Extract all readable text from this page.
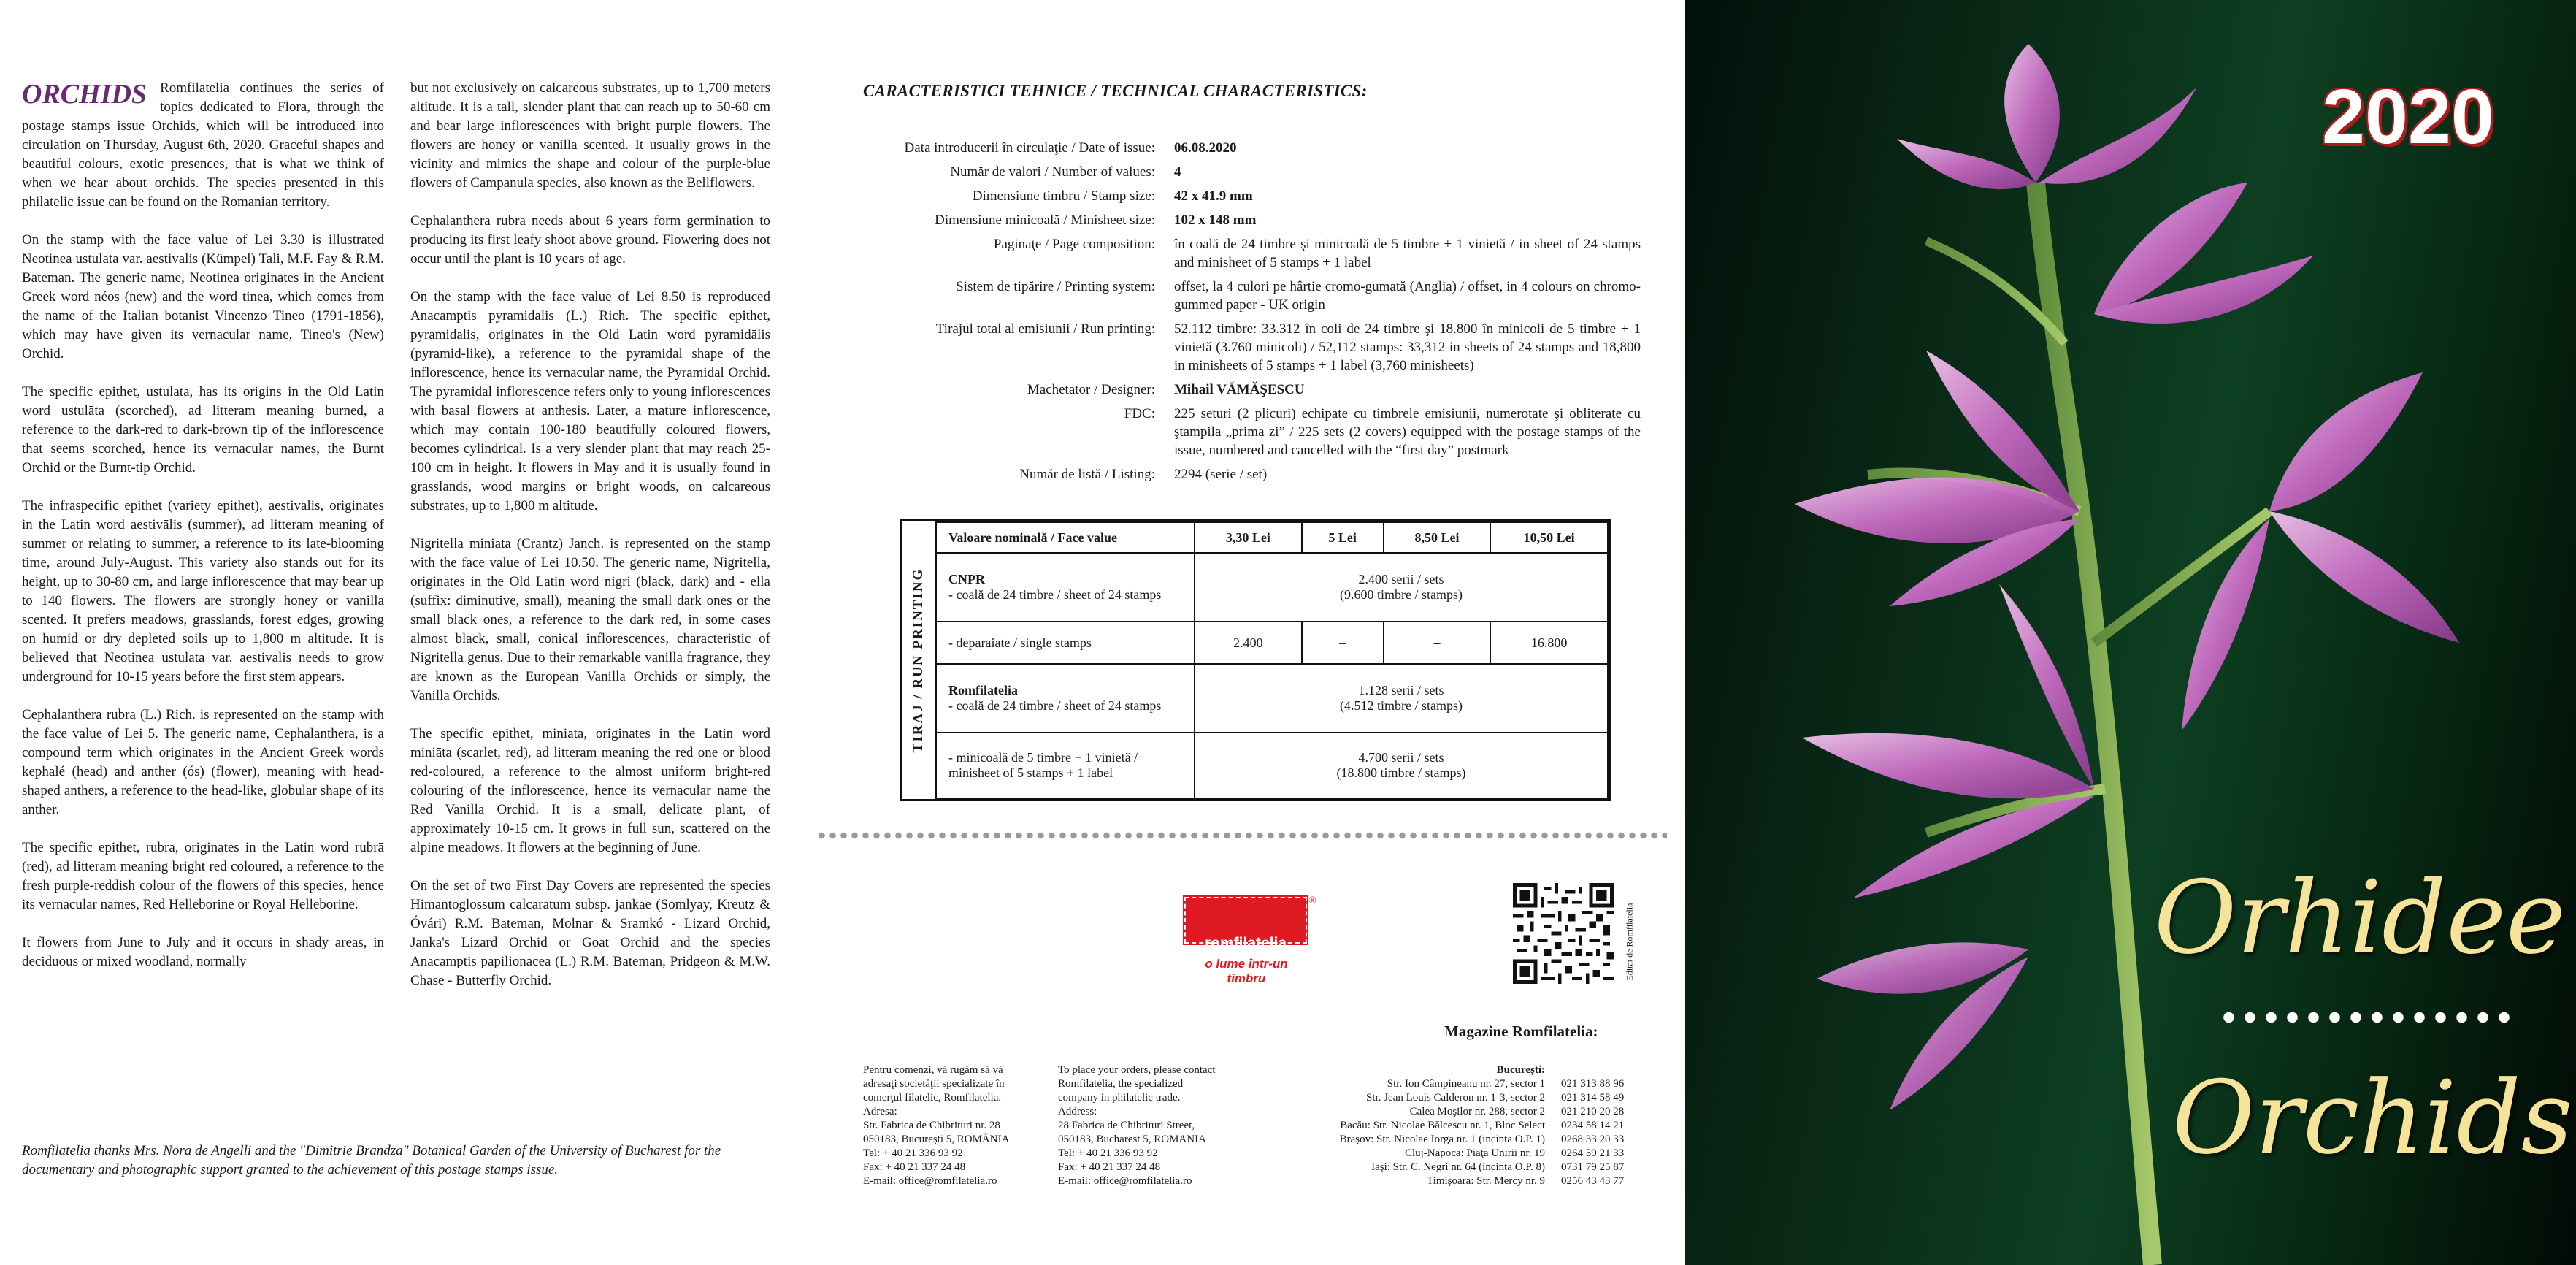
ORCHIDS Romfilatelia continues the series of topics dedicated to Flora, through the postage stamps issue Orchids, which will be introduced into circulation on Thursday, August 6th, 2020. Graceful shapes and beautiful colours, exotic presences, that is what we think of when we hear about orchids. The species presented in this philatelic issue can be found on the Romanian territory.

On the stamp with the face value of Lei 3.30 is illustrated Neotinea ustulata var. aestivalis (Kümpel) Tali, M.F. Fay & R.M. Bateman. The generic name, Neotinea originates in the Ancient Greek word néos (new) and the word tinea, which comes from the name of the Italian botanist Vincenzo Tineo (1791-1856), which may have given its vernacular name, Tineo's (New) Orchid.

The specific epithet, ustulata, has its origins in the Old Latin word ustulāta (scorched), ad litteram meaning burned, a reference to the dark-red to dark-brown tip of the inflorescence that seems scorched, hence its vernacular names, the Burnt Orchid or the Burnt-tip Orchid.

The infraspecific epithet (variety epithet), aestivalis, originates in the Latin word aestivālis (summer), ad litteram meaning of summer or relating to summer, a reference to its late-blooming time, around July-August. This variety also stands out for its height, up to 30-80 cm, and large inflorescence that may bear up to 140 flowers. The flowers are strongly honey or vanilla scented. It prefers meadows, grasslands, forest edges, growing on humid or dry depleted soils up to 1,800 m altitude. It is believed that Neotinea ustulata var. aestivalis needs to grow underground for 10-15 years before the first stem appears.

Cephalanthera rubra (L.) Rich. is represented on the stamp with the face value of Lei 5. The generic name, Cephalanthera, is a compound term which originates in the Ancient Greek words kephalé (head) and anther (ós) (flower), meaning with head-shaped anthers, a reference to the head-like, globular shape of its anther.

The specific epithet, rubra, originates in the Latin word rubrā (red), ad litteram meaning bright red coloured, a reference to the fresh purple-reddish colour of the flowers of this species, hence its vernacular names, Red Helleborine or Royal Helleborine.

It flowers from June to July and it occurs in shady areas, in deciduous or mixed woodland, normally

but not exclusively on calcareous substrates, up to 1,700 meters altitude. It is a tall, slender plant that can reach up to 50-60 cm and bear large inflorescences with bright purple flowers. The flowers are honey or vanilla scented. It usually grows in the vicinity and mimics the shape and colour of the purple-blue flowers of Campanula species, also known as the Bellflowers.

Cephalanthera rubra needs about 6 years form germination to producing its first leafy shoot above ground. Flowering does not occur until the plant is 10 years of age.

On the stamp with the face value of Lei 8.50 is reproduced Anacamptis pyramidalis (L.) Rich. The specific epithet, pyramidalis, originates in the Old Latin word pyramidālis (pyramid-like), a reference to the pyramidal shape of the inflorescence, hence its vernacular name, the Pyramidal Orchid. The pyramidal inflorescence refers only to young inflorescences with basal flowers at anthesis. Later, a mature inflorescence, which may contain 100-180 beautifully coloured flowers, becomes cylindrical. Is a very slender plant that may reach 25-100 cm in height. It flowers in May and it is usually found in grasslands, wood margins or bright woods, on calcareous substrates, up to 1,800 m altitude.

Nigritella miniata (Crantz) Janch. is represented on the stamp with the face value of Lei 10.50. The generic name, Nigritella, originates in the Old Latin word nigri (black, dark) and - ella (suffix: diminutive, small), meaning the small dark ones or the small black ones, a reference to the dark red, in some cases almost black, small, conical inflorescences, characteristic of Nigritella genus. Due to their remarkable vanilla fragrance, they are known as the European Vanilla Orchids or simply, the Vanilla Orchids.

The specific epithet, miniata, originates in the Latin word miniāta (scarlet, red), ad litteram meaning the red one or blood red-coloured, a reference to the almost uniform bright-red colouring of the inflorescence, hence its vernacular name the Red Vanilla Orchid. It is a small, delicate plant, of approximately 10-15 cm. It grows in full sun, scattered on the alpine meadows. It flowers at the beginning of June.

On the set of two First Day Covers are represented the species Himantoglossum calcaratum subsp. jankae (Somlyay, Kreutz & Óvári) R.M. Bateman, Molnar & Sramkó - Lizard Orchid, Janka's Lizard Orchid or Goat Orchid and the species Anacamptis papilionacea (L.) R.M. Bateman, Pridgeon & M.W. Chase - Butterfly Orchid.

Romfilatelia thanks Mrs. Nora de Angelli and the "Dimitrie Brandza" Botanical Garden of the University of Bucharest for the documentary and photographic support granted to the achievement of this postage stamps issue.
CARACTERISTICI TEHNICE / TECHNICAL CHARACTERISTICS:
Data introducerii în circulaţie / Date of issue:	06.08.2020
Număr de valori / Number of values:	4
Dimensiune timbru / Stamp size:	42 x 41.9 mm
Dimensiune minicoală / Minisheet size:	102 x 148 mm
Paginaţe / Page composition:	în coală de 24 timbre şi minicoală de 5 timbre + 1 vinietă / in sheet of 24 stamps and minisheet of 5 stamps + 1 label
Sistem de tipărire / Printing system:	offset, la 4 culori pe hârtie cromo-gumată (Anglia) / offset, in 4 colours on chromo-gummed paper - UK origin
Tirajul total al emisiunii / Run printing:	52.112 timbre: 33.312 în coli de 24 timbre şi 18.800 în minicoli de 5 timbre + 1 vinietă (3.760 minicoli) / 52,112 stamps: 33,312 in sheets of 24 stamps and 18,800 in minisheets of 5 stamps + 1 label (3,760 minisheets)
Machetator / Designer:	Mihail VĂMĂŞESCU
FDC:	225 seturi (2 plicuri) echipate cu timbrele emisiunii, numerotate şi obliterate cu ştampila „prima zi” / 225 sets (2 covers) equipped with the postage stamps of the issue, numbered and cancelled with the “first day” postmark
Număr de listă / Listing:	2294 (serie / set)
TIRAJ / RUN PRINTING
Valoare nominală / Face value	3,30 Lei	5 Lei	8,50 Lei	10,50 Lei
CNPR
- coală de 24 timbre / sheet of 24 stamps	2.400 serii / sets
(9.600 timbre / stamps)			
- deparaiate / single stamps	2.400	–	–	16.800
Romfilatelia
- coală de 24 timbre / sheet of 24 stamps	1.128 serii / sets
(4.512 timbre / stamps)			
- minicoală de 5 timbre + 1 vinietă / minisheet of 5 stamps + 1 label	4.700 serii / sets
(18.800 timbre / stamps)			
romfilatelia
®
o lume într-un timbru	Editat de Romfilatelia
Pentru comenzi, vă rugăm să vă
adresaţi societăţii specializate în
comerţul filatelic, Romfilatelia.
Adresa:
Str. Fabrica de Chibrituri nr. 28
050183, Bucureşti 5, ROMÂNIA
Tel: + 40 21 336 93 92
Fax: + 40 21 337 24 48
E-mail: office@romfilatelia.ro
To place your orders, please contact
Romfilatelia, the specialized
company in philatelic trade.
Address:
28 Fabrica de Chibrituri Street,
050183, Bucharest 5, ROMANIA
Tel: + 40 21 336 93 92
Fax: + 40 21 337 24 48
E-mail: office@romfilatelia.ro
Magazine Romfilatelia:
Bucureşti:
Str. Ion Câmpineanu nr. 27, sector 1	021 313 88 96
Str. Jean Louis Calderon nr. 1-3, sector 2	021 314 58 49
Calea Moşilor nr. 288, sector 2	021 210 20 28
Bacău: Str. Nicolae Bălcescu nr. 1, Bloc Select	0234 58 14 21
Braşov: Str. Nicolae Iorga nr. 1 (incinta O.P. 1)	0268 33 20 33
Cluj-Napoca: Piaţa Unirii nr. 19	0264 59 21 33
Iaşi: Str. C. Negri nr. 64 (incinta O.P. 8)	0731 79 25 87
Timişoara: Str. Mercy nr. 9	0256 43 43 77
2020
Orhidee
Orchids
